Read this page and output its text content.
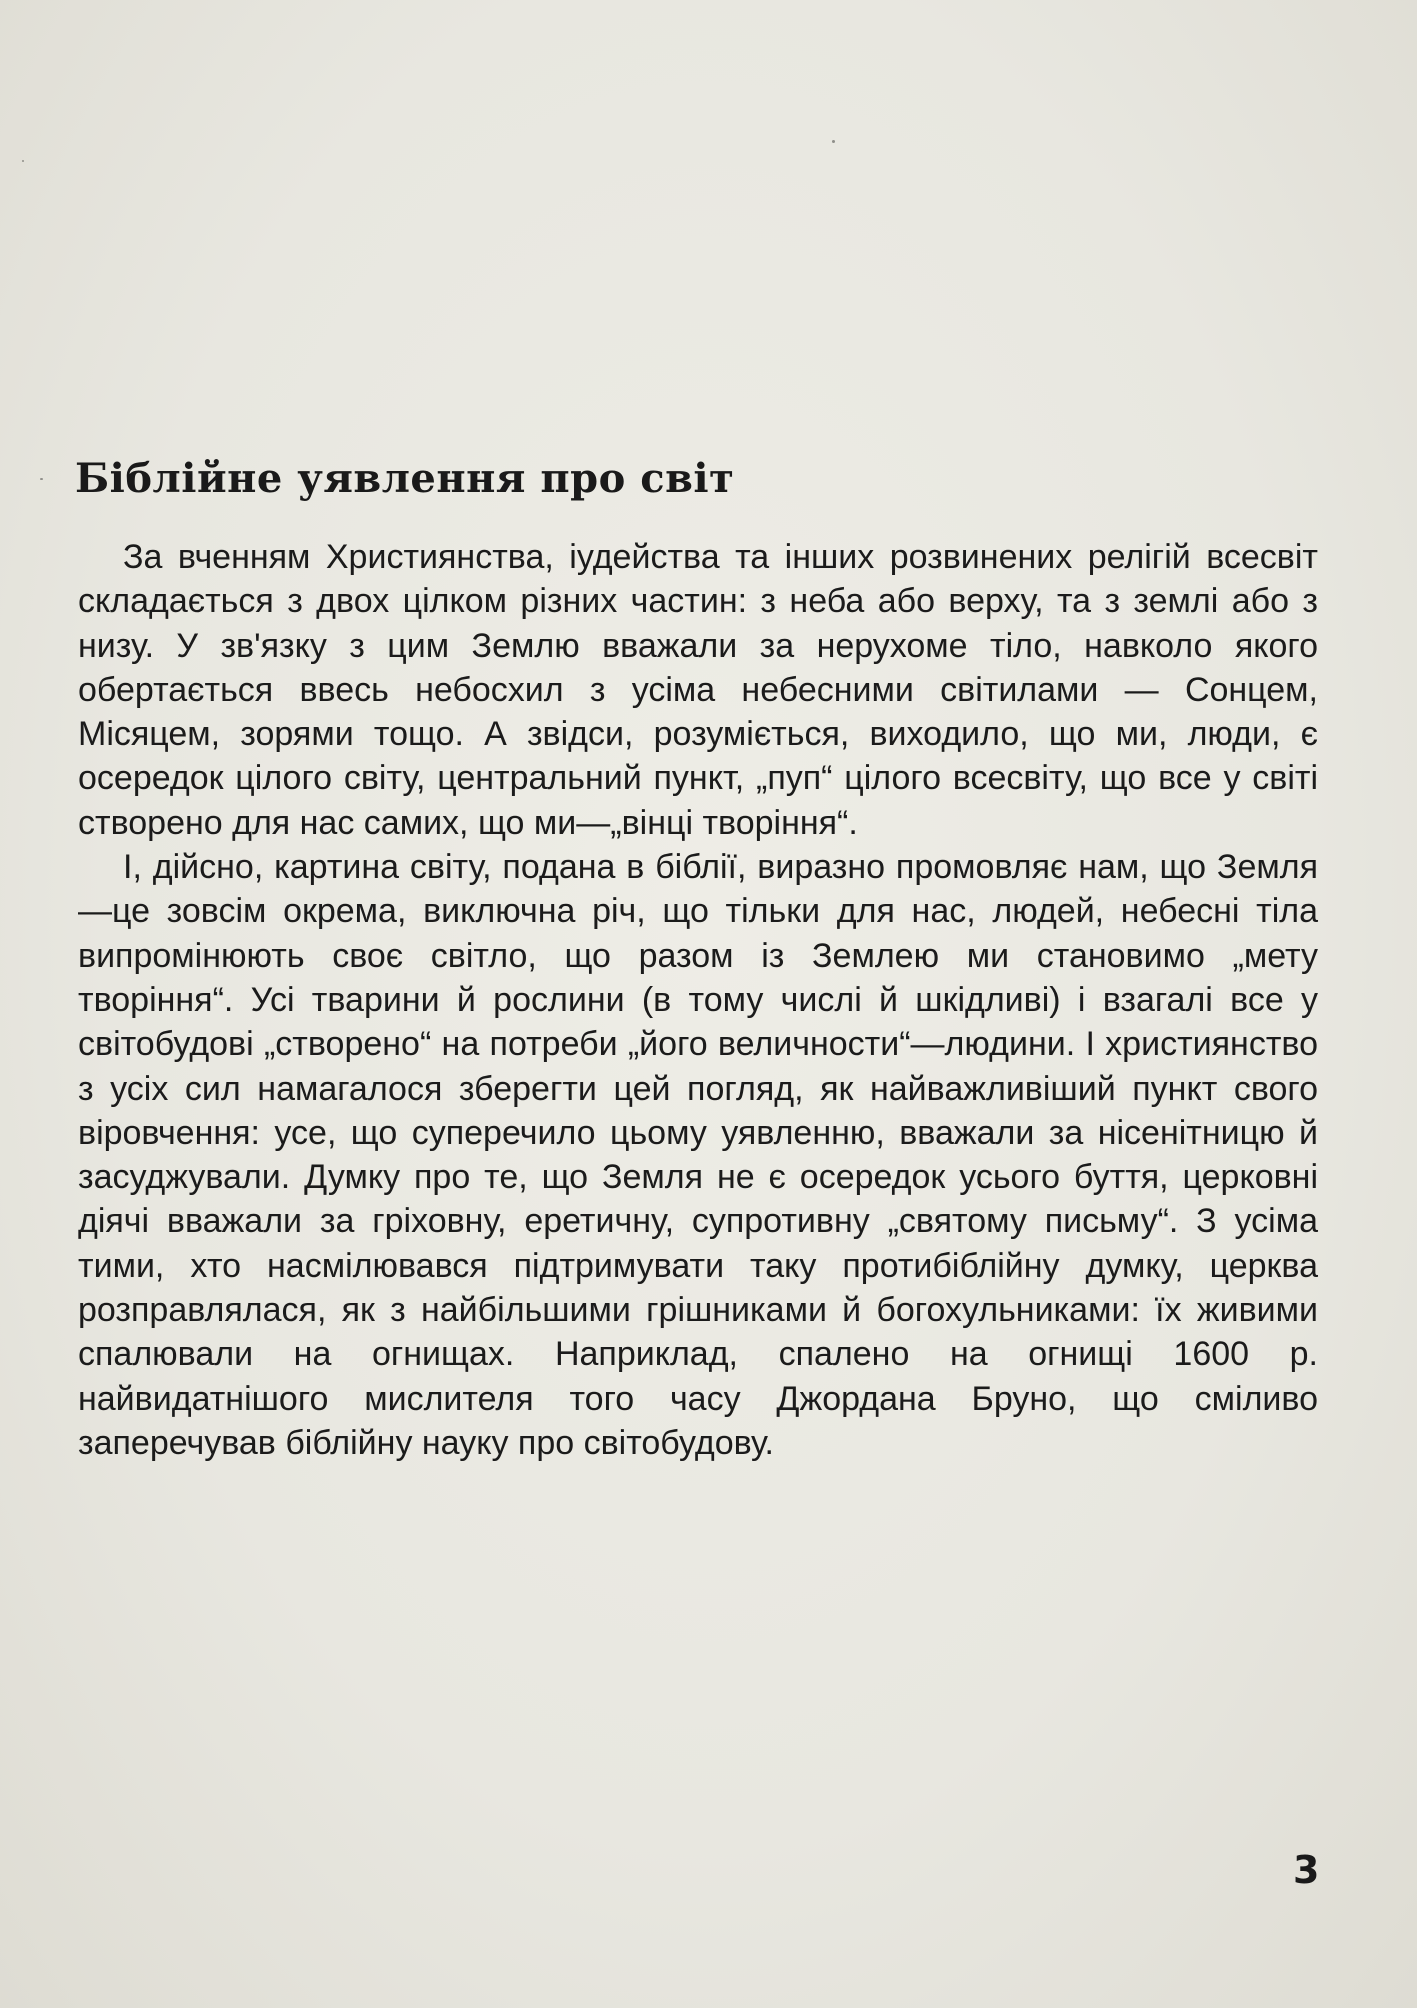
Біблійне уявлення про світ

За вченням Християнства, іудейства та інших розвинених релігій всесвіт складається з двох цілком різних частин: з неба або верху, та з землі або з низу. У зв'язку з цим Землю вважали за нерухоме тіло, навколо якого обертається ввесь небосхил з усіма небесними світилами — Сонцем, Місяцем, зорями тощо. А звідси, розуміється, виходило, що ми, люди, є осередок цілого світу, центральний пункт, „пуп“ цілого всесвіту, що все у світі створено для нас самих, що ми—„вінці творіння“.

І, дійсно, картина світу, подана в біблії, виразно промовляє нам, що Земля—це зовсім окрема, виключна річ, що тільки для нас, людей, небесні тіла випромінюють своє світло, що разом із Землею ми становимо „мету творіння“. Усі тварини й рослини (в тому числі й шкідливі) і взагалі все у світобудові „створено“ на потреби „його величности“—людини. І християнство з усіх сил намагалося зберегти цей погляд, як найважливіший пункт свого віровчення: усе, що суперечило цьому уявленню, вважали за нісенітницю й засуджували. Думку про те, що Земля не є осередок усього буття, церковні діячі вважали за гріховну, еретичну, супротивну „святому письму“. З усіма тими, хто насмілювався підтримувати таку протибіблійну думку, церква розправлялася, як з найбільшими грішниками й богохульниками: їх живими спалювали на огнищах. Наприклад, спалено на огнищі 1600 р. найвидатнішого мислителя того часу Джордана Бруно, що сміливо заперечував біблійну науку про світобудову.

3
